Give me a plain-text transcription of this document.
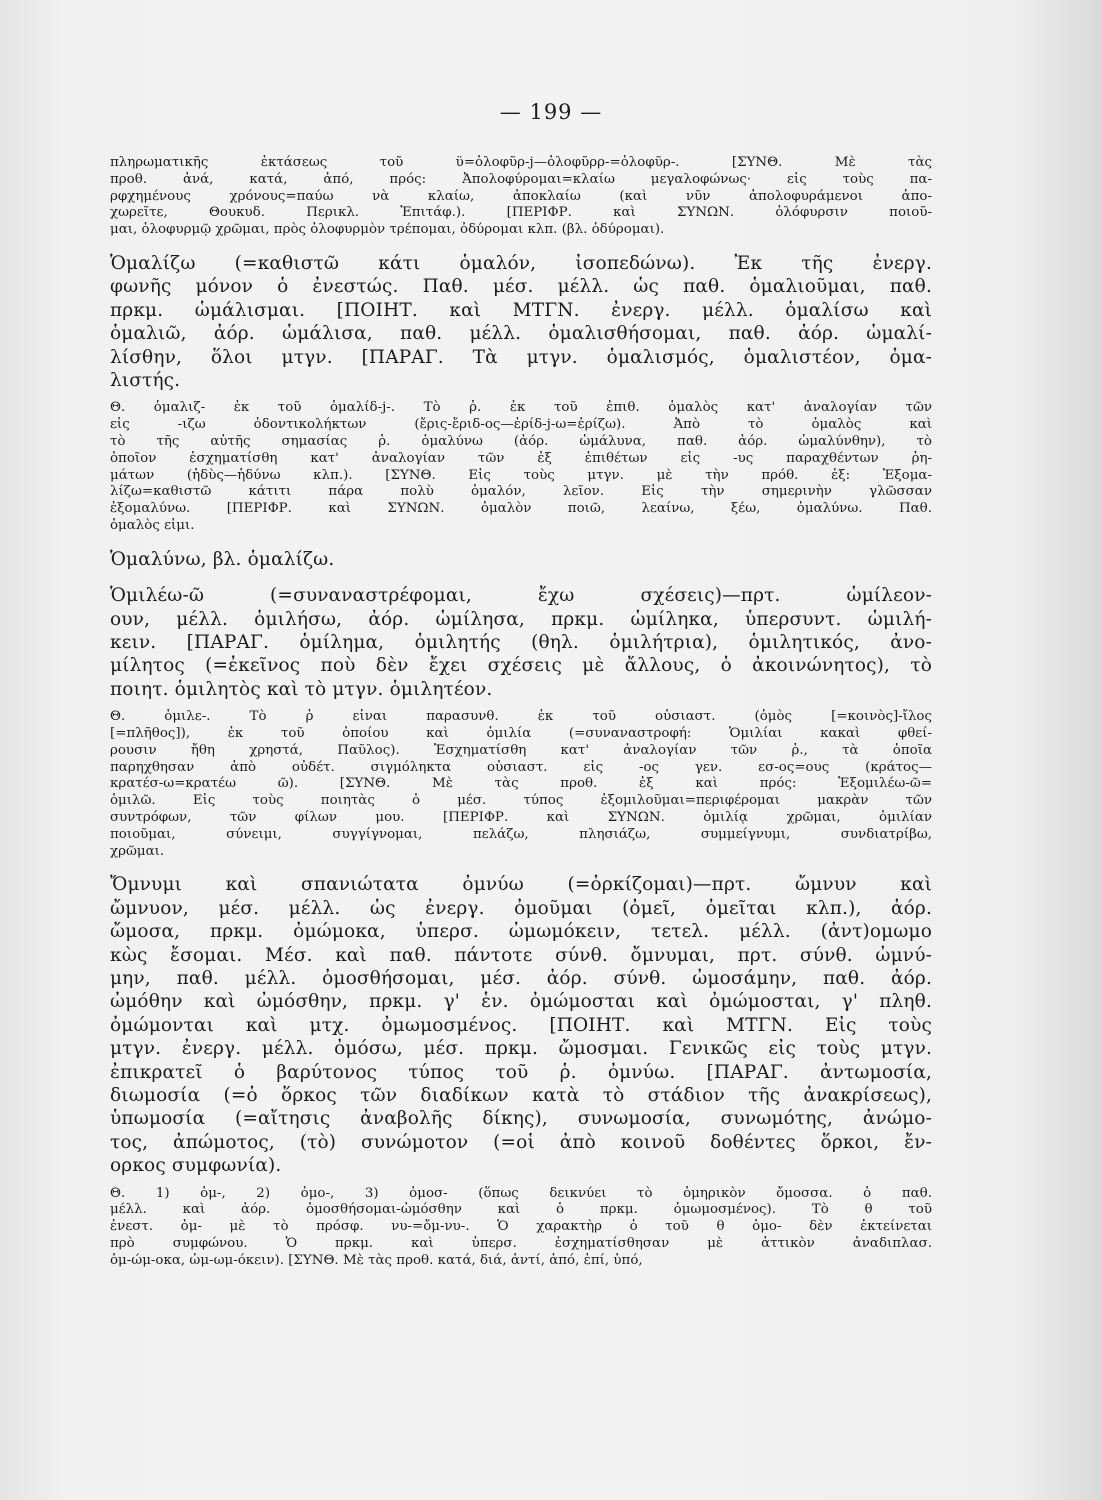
— 199 —
πληρωματικῆς ἐκτάσεως τοῦ ϋ=ὀλοφῦρ-j—ὀλοφῦρρ-=ὀλοφῦρ-. [ΣΥΝΘ. Μὲ τὰς
προθ. ἀνά, κατά, ἀπό, πρός: Ἀπολοφύρομαι=κλαίω μεγαλοφώνως· εἰς τοὺς πα-
ρφχημένους χρόνους=παύω νὰ κλαίω, ἀποκλαίω (καὶ νῦν ἀπολοφυράμενοι ἀπο-
χωρεῖτε, Θουκυδ. Περικλ. Ἐπιτάφ.). [ΠΕΡΙΦΡ. καὶ ΣΥΝΩΝ. ὀλόφυρσιν ποιοῦ-
μαι, ὀλοφυρμῷ χρῶμαι, πρὸς ὀλοφυρμὸν τρέπομαι, ὀδύρομαι κλπ. (βλ. ὀδύρομαι).
Ὁμαλίζω (=καθιστῶ κάτι ὁμαλόν, ἰσοπεδώνω). Ἐκ τῆς ἐνεργ.
φωνῆς μόνον ὁ ἐνεστώς. Παθ. μέσ. μέλλ. ὡς παθ. ὁμαλιοῦμαι, παθ.
πρκμ. ὡμάλισμαι. [ΠΟΙΗΤ. καὶ ΜΤΓΝ. ἐνεργ. μέλλ. ὁμαλίσω καὶ
ὁμαλιῶ, ἀόρ. ὡμάλισα, παθ. μέλλ. ὁμαλισθήσομαι, παθ. ἀόρ. ὡμαλί-
λίσθην, ὅλοι μτγν. [ΠΑΡΑΓ. Τὰ μτγν. ὁμαλισμός, ὁμαλιστέον, ὁμα-
λιστής.
Θ. ὁμαλιζ- ἐκ τοῦ ὁμαλίδ-j-. Τὸ ῥ. ἐκ τοῦ ἐπιθ. ὁμαλὸς κατ' ἀναλογίαν τῶν
εἰς -ιζω ὀδοντικολήκτων (ἔρις-ἔριδ-ος—ἐρίδ-j-ω=ἐρίζω). Ἀπὸ τὸ ὁμαλὸς καὶ
τὸ τῆς αὐτῆς σημασίας ῥ. ὁμαλύνω (ἀόρ. ὡμάλυνα, παθ. ἀόρ. ὡμαλύνθην), τὸ
ὁποῖον ἐσχηματίσθη κατ' ἀναλογίαν τῶν ἐξ ἐπιθέτων εἰς -υς παραχθέντων ῥη-
μάτων (ἡδὺς—ἡδύνω κλπ.). [ΣΥΝΘ. Εἰς τοὺς μτγν. μὲ τὴν πρόθ. ἐξ: Ἐξομα-
λίζω=καθιστῶ κάτιτι πάρα πολὺ ὁμαλόν, λεῖον. Εἰς τὴν σημερινὴν γλῶσσαν
ἐξομαλύνω. [ΠΕΡΙΦΡ. καὶ ΣΥΝΩΝ. ὁμαλὸν ποιῶ, λεαίνω, ξέω, ὁμαλύνω. Παθ.
ὁμαλὸς εἰμι.
Ὁμαλύνω, βλ. ὁμαλίζω.
Ὁμιλέω-ῶ (=συναναστρέφομαι, ἔχω σχέσεις)—πρτ. ὡμίλεον-
ουν, μέλλ. ὁμιλήσω, ἀόρ. ὡμίλησα, πρκμ. ὡμίληκα, ὑπερσυντ. ὡμιλή-
κειν. [ΠΑΡΑΓ. ὁμίλημα, ὁμιλητής (θηλ. ὁμιλήτρια), ὁμιλητικός, ἀνο-
μίλητος (=ἐκεῖνος ποὺ δὲν ἔχει σχέσεις μὲ ἄλλους, ὁ ἀκοινώνητος), τὸ
ποιητ. ὁμιλητὸς καὶ τὸ μτγν. ὁμιλητέον.
Θ. ὁμιλε-. Τὸ ῥ εἶναι παρασυνθ. ἐκ τοῦ οὐσιαστ. (ὁμὸς [=κοινὸς]-ἴλος
[=πλῆθος]), ἐκ τοῦ ὁποίου καὶ ὁμιλία (=συναναστροφή: Ὁμιλίαι κακαὶ φθεί-
ρουσιν ἤθη χρηστά, Παῦλος). Ἐσχηματίσθη κατ' ἀναλογίαν τῶν ῥ., τὰ ὁποῖα
παρηχθησαν ἀπὸ οὐδέτ. σιγμόληκτα οὐσιαστ. εἰς -ος γεν. εσ-ος=ους (κράτος—
κρατέσ-ω=κρατέω ῶ). [ΣΥΝΘ. Μὲ τὰς προθ. ἐξ καὶ πρός: Ἐξομιλέω-ῶ=
ὁμιλῶ. Εἰς τοὺς ποιητὰς ὁ μέσ. τύπος ἐξομιλοῦμαι=περιφέρομαι μακρὰν τῶν
συντρόφων, τῶν φίλων μου. [ΠΕΡΙΦΡ. καὶ ΣΥΝΩΝ. ὁμιλίᾳ χρῶμαι, ὁμιλίαν
ποιοῦμαι, σύνειμι, συγγίγνομαι, πελάζω, πλησιάζω, συμμείγνυμι, συνδιατρίβω,
χρῶμαι.
Ὄμνυμι καὶ σπανιώτατα ὀμνύω (=ὁρκίζομαι)—πρτ. ὤμνυν καὶ
ὤμνυον, μέσ. μέλλ. ὡς ἐνεργ. ὀμοῦμαι (ὀμεῖ, ὀμεῖται κλπ.), ἀόρ.
ὤμοσα, πρκμ. ὀμώμοκα, ὑπερσ. ὠμωμόκειν, τετελ. μέλλ. (ἀντ)ομωμο
κὼς ἔσομαι. Μέσ. καὶ παθ. πάντοτε σύνθ. ὄμνυμαι, πρτ. σύνθ. ὠμνύ-
μην, παθ. μέλλ. ὀμοσθήσομαι, μέσ. ἀόρ. σύνθ. ὠμοσάμην, παθ. ἀόρ.
ὠμόθην καὶ ὠμόσθην, πρκμ. γ' ἑν. ὀμώμοσται καὶ ὀμώμοσται, γ' πληθ.
ὀμώμονται καὶ μτχ. ὀμωμοσμένος. [ΠΟΙΗΤ. καὶ ΜΤΓΝ. Εἰς τοὺς
μτγν. ἐνεργ. μέλλ. ὀμόσω, μέσ. πρκμ. ὤμοσμαι. Γενικῶς εἰς τοὺς μτγν.
ἐπικρατεῖ ὁ βαρύτονος τύπος τοῦ ῥ. ὀμνύω. [ΠΑΡΑΓ. ἀντωμοσία,
διωμοσία (=ὁ ὅρκος τῶν διαδίκων κατὰ τὸ στάδιον τῆς ἀνακρίσεως),
ὑπωμοσία (=αἴτησις ἀναβολῆς δίκης), συνωμοσία, συνωμότης, ἀνώμο-
τος, ἀπώμοτος, (τὸ) συνώμοτον (=οἱ ἀπὸ κοινοῦ δοθέντες ὅρκοι, ἔν-
ορκος συμφωνία).
Θ. 1) ὀμ-, 2) ὀμο-, 3) ὀμοσ- (ὅπως δεικνύει τὸ ὁμηρικὸν ὄμοσσα. ὁ παθ.
μέλλ. καὶ ἀόρ. ὀμοσθήσομαι-ὠμόσθην καὶ ὁ πρκμ. ὀμωμοσμένος). Τὸ θ τοῦ
ἐνεστ. ὀμ- μὲ τὸ πρόσφ. νυ-=ὄμ-νυ-. Ὁ χαρακτὴρ ὁ τοῦ θ ὀμο- δὲν ἐκτείνεται
πρὸ συμφώνου. Ὁ πρκμ. καὶ ὑπερσ. ἐσχηματίσθησαν μὲ ἀττικὸν ἀναδιπλασ.
ὀμ-ώμ-οκα, ὠμ-ωμ-όκειν). [ΣΥΝΘ. Μὲ τὰς προθ. κατά, διά, ἀντί, ἀπό, ἐπί, ὑπό,
